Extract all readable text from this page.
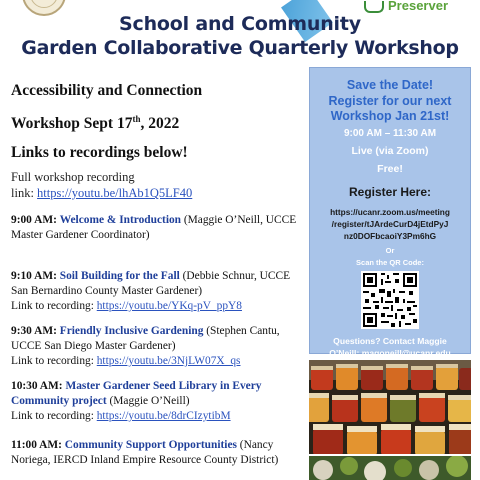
Preserver
School and Community
Garden Collaborative Quarterly Workshop
Accessibility and Connection
Workshop Sept 17th, 2022
Links to recordings below!
Full workshop recording
link: https://youtu.be/lhAb1Q5LF40
9:00 AM: Welcome & Introduction (Maggie O’Neill, UCCE Master Gardener Coordinator)
9:10 AM: Soil Building for the Fall (Debbie Schnur, UCCE San Bernardino County Master Gardener)
Link to recording: https://youtu.be/YKq-pV_ppY8
9:30 AM: Friendly Inclusive Gardening (Stephen Cantu, UCCE San Diego Master Gardener)
Link to recording: https://youtu.be/3NjLW07X_qs
10:30 AM: Master Gardener Seed Library in Every Community project (Maggie O’Neill)
Link to recording: https://youtu.be/8drCIzytibM
11:00 AM: Community Support Opportunities (Nancy Noriega, IERCD Inland Empire Resource County District)
Save the Date!
Register for our next
Workshop Jan 21st!
9:00 AM – 11:30 AM
Live (via Zoom)
Free!
Register Here:
https://ucanr.zoom.us/meeting
/register/tJArdeCurD4jEtdPyJ
nz0DOFbcaoiY3Pm6hG
Or
Scan the QR Code:
Questions? Contact Maggie
O’Neill: magoneill@ucanr.edu
